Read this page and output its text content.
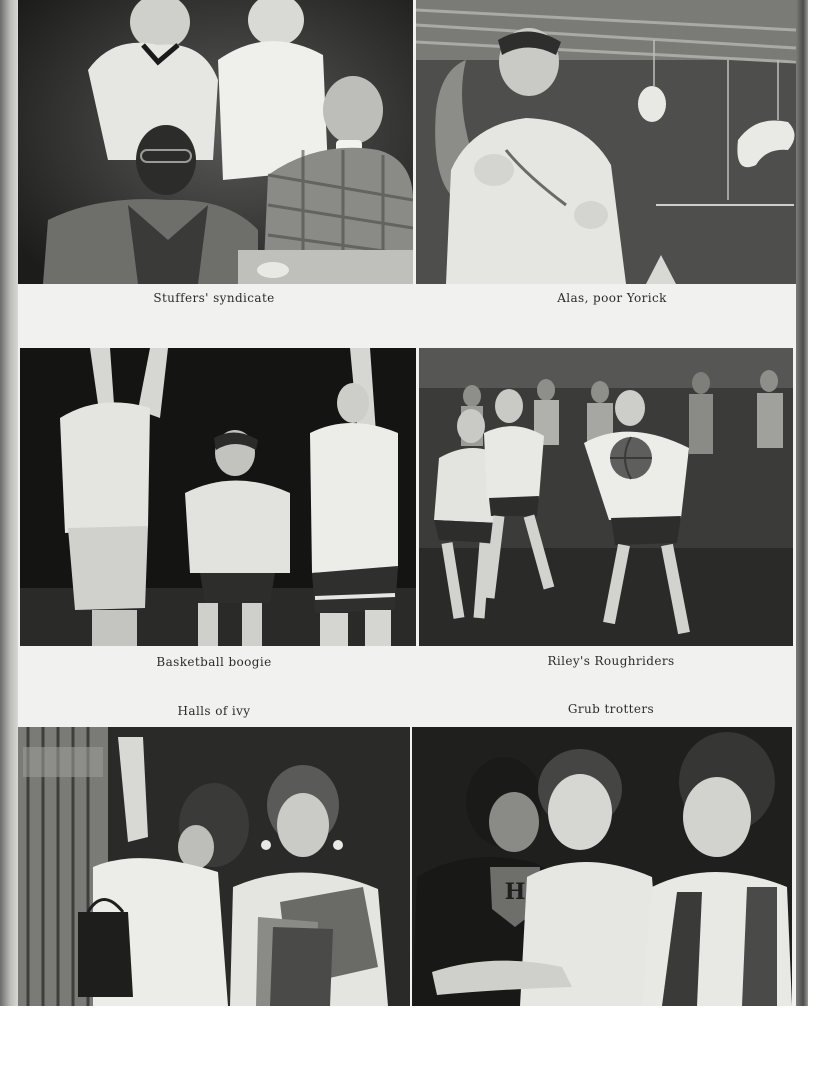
Stuffers' syndicate	Alas, poor Yorick
Basketball boogie	Riley's Roughriders
Halls of ivy	Grub trotters
H
